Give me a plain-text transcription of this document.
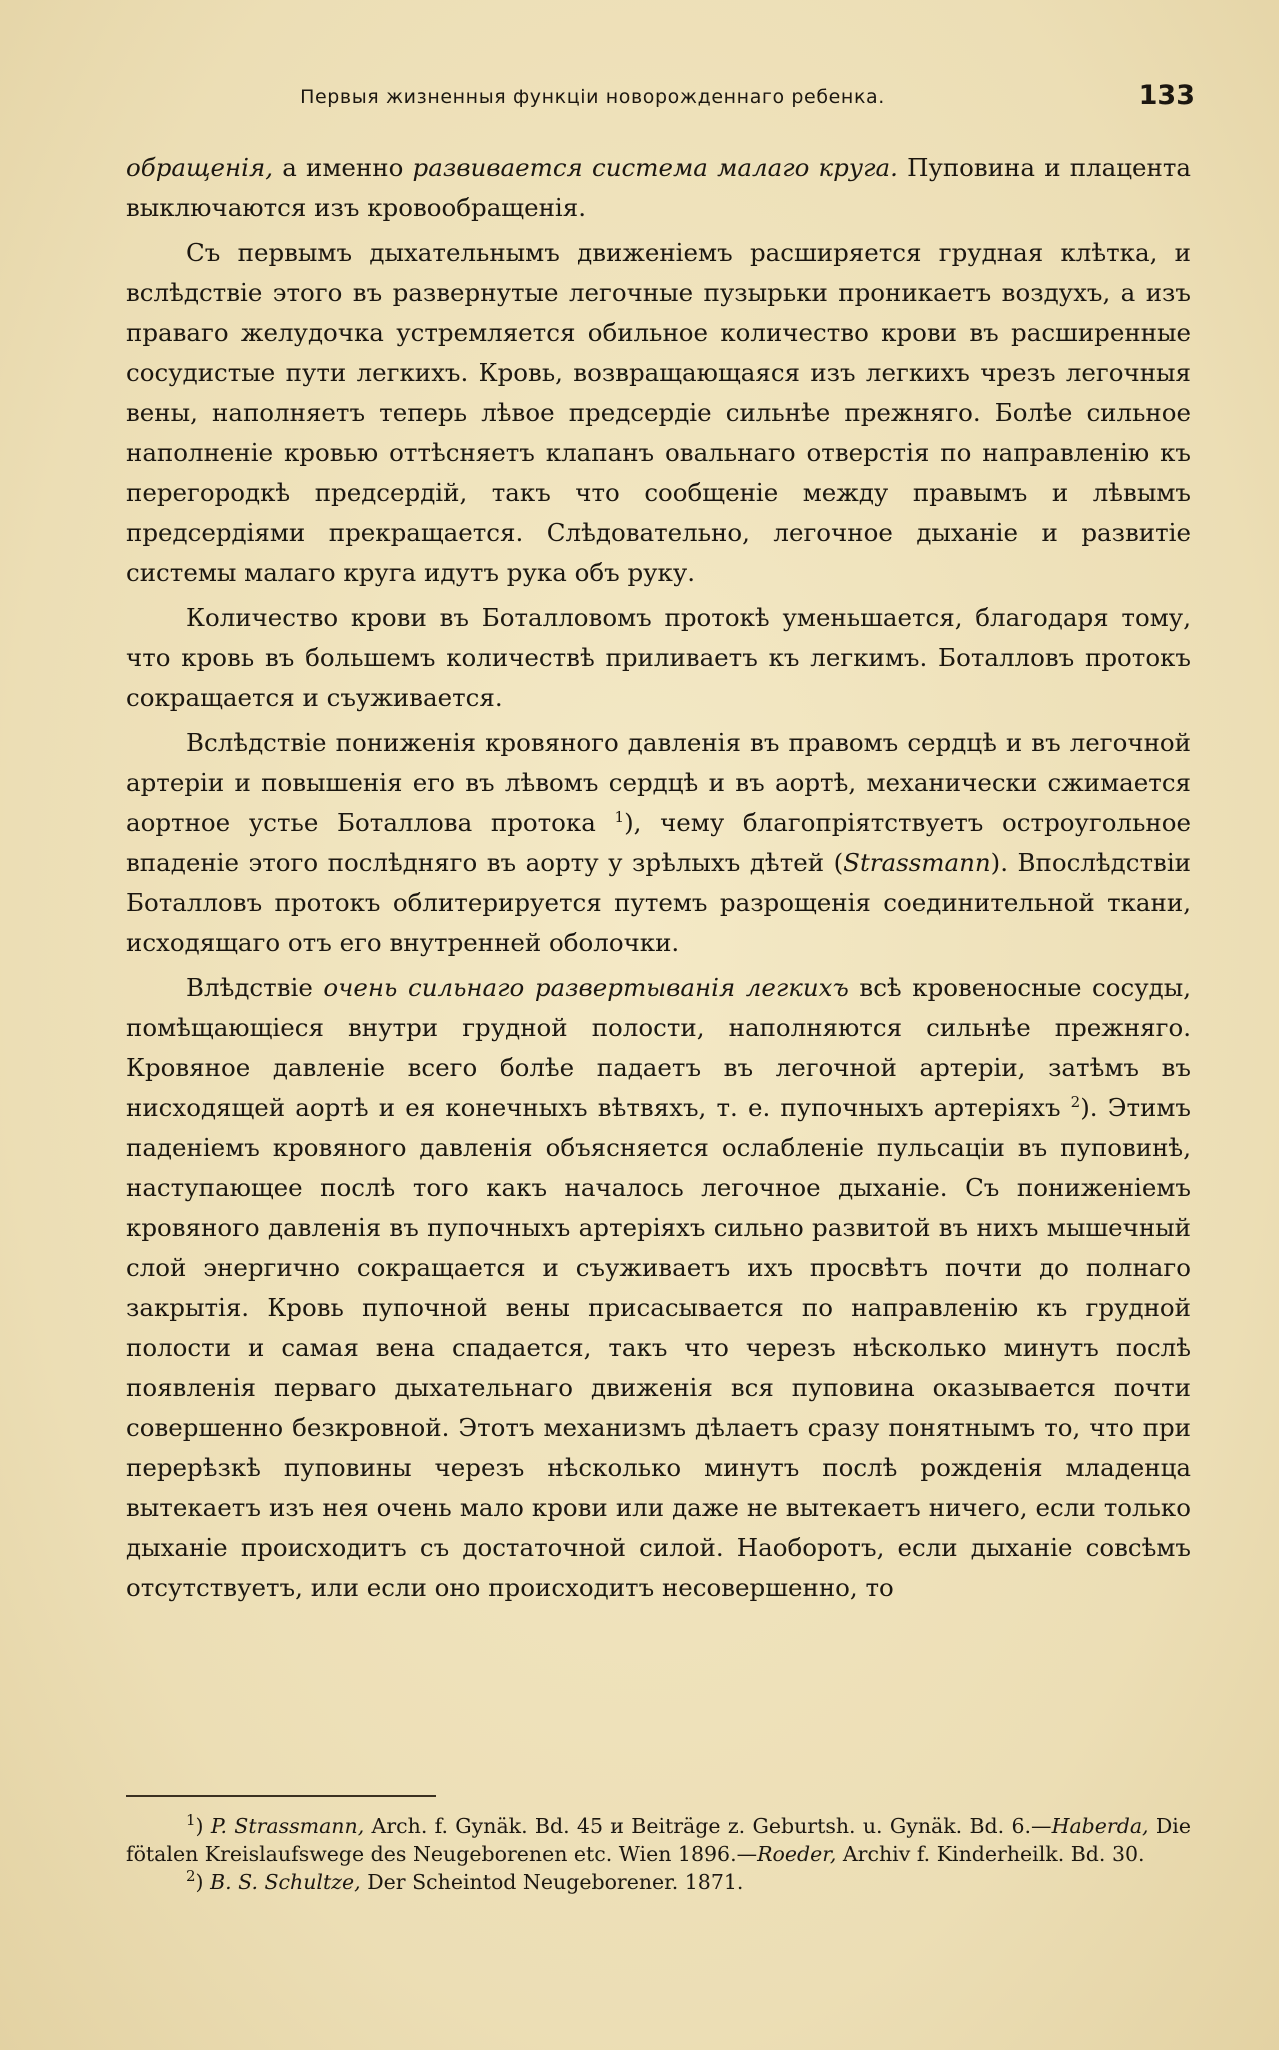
Первыя жизненныя функціи новорожденнаго ребенка.	133

обращенія, а именно развивается система малаго круга. Пуповина и плацента выключаются изъ кровообращенія.

Съ первымъ дыхательнымъ движеніемъ расширяется грудная клѣтка, и вслѣдствіе этого въ развернутые легочные пузырьки проникаетъ воздухъ, а изъ праваго желудочка устремляется обильное количество крови въ расширенные сосудистые пути легкихъ. Кровь, возвращающаяся изъ легкихъ чрезъ легочныя вены, наполняетъ теперь лѣвое предсердіе сильнѣе прежняго. Болѣе сильное наполненіе кровью оттѣсняетъ клапанъ овальнаго отверстія по направленію къ перегородкѣ предсердій, такъ что сообщеніе между правымъ и лѣвымъ предсердіями прекращается. Слѣдовательно, легочное дыханіе и развитіе системы малаго круга идутъ рука объ руку.

Количество крови въ Боталловомъ протокѣ уменьшается, благодаря тому, что кровь въ большемъ количествѣ приливаетъ къ легкимъ. Боталловъ протокъ сокращается и съуживается.

Вслѣдствіе пониженія кровяного давленія въ правомъ сердцѣ и въ легочной артеріи и повышенія его въ лѣвомъ сердцѣ и въ аортѣ, механически сжимается аортное устье Боталлова протока $^1$), чему благопріятствуетъ остроугольное впаденіе этого послѣдняго въ аорту у зрѣлыхъ дѣтей (Strassmann). Впослѣдствіи Боталловъ протокъ облитерируется путемъ разрощенія соединительной ткани, исходящаго отъ его внутренней оболочки.

Влѣдствіе очень сильнаго развертыванія легкихъ всѣ кровеносные сосуды, помѣщающіеся внутри грудной полости, наполняются сильнѣе прежняго. Кровяное давленіе всего болѣе падаетъ въ легочной артеріи, затѣмъ въ нисходящей аортѣ и ея конечныхъ вѣтвяхъ, т. е. пупочныхъ артеріяхъ $^2$). Этимъ паденіемъ кровяного давленія объясняется ослабленіе пульсаціи въ пуповинѣ, наступающее послѣ того какъ началось легочное дыханіе. Съ пониженіемъ кровяного давленія въ пупочныхъ артеріяхъ сильно развитой въ нихъ мышечный слой энергично сокращается и съуживаетъ ихъ просвѣтъ почти до полнаго закрытія. Кровь пупочной вены присасывается по направленію къ грудной полости и самая вена спадается, такъ что черезъ нѣсколько минутъ послѣ появленія перваго дыхательнаго движенія вся пуповина оказывается почти совершенно безкровной. Этотъ механизмъ дѣлаетъ сразу понятнымъ то, что при перерѣзкѣ пуповины черезъ нѣсколько минутъ послѣ рожденія младенца вытекаетъ изъ нея очень мало крови или даже не вытекаетъ ничего, если только дыханіе происходитъ съ достаточной силой. Наоборотъ, если дыханіе совсѣмъ отсутствуетъ, или если оно происходитъ несовершенно, то

$^1$) P. Strassmann, Arch. f. Gynäk. Bd. 45 и Beiträge z. Geburtsh. u. Gynäk. Bd. 6.—Haberda, Die fötalen Kreislaufswege des Neugeborenen etc. Wien 1896.—Roeder, Archiv f. Kinderheilk. Bd. 30.

$^2$) B. S. Schultze, Der Scheintod Neugeborener. 1871.
